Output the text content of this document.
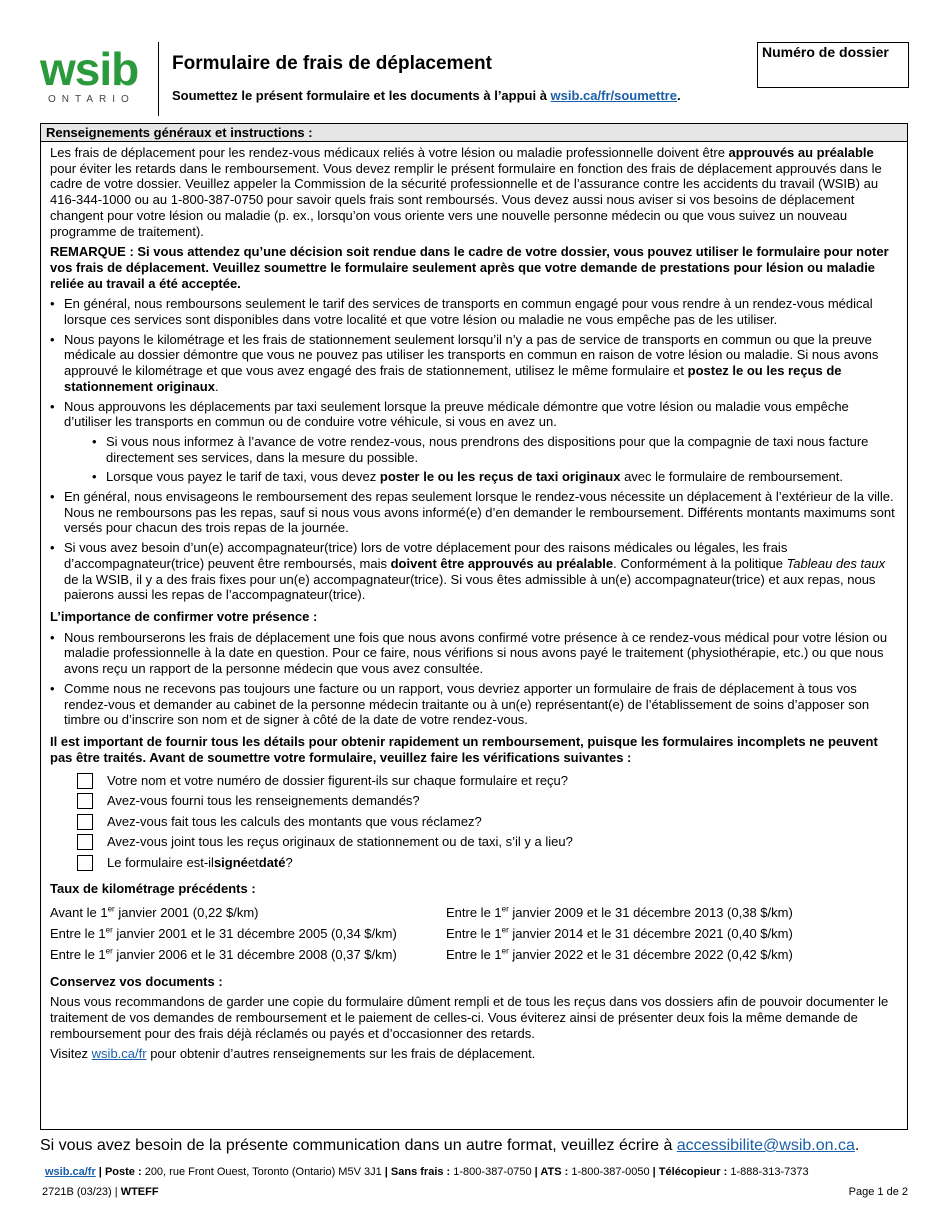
wsib
ONTARIO
Formulaire de frais de déplacement
Soumettez le présent formulaire et les documents à l’appui à wsib.ca/fr/soumettre.
Numéro de dossier
Renseignements généraux et instructions :

Les frais de déplacement pour les rendez-vous médicaux reliés à votre lésion ou maladie professionnelle doivent être approuvés au préalable pour éviter les retards dans le remboursement. Vous devez remplir le présent formulaire en fonction des frais de déplacement approuvés dans le cadre de votre dossier. Veuillez appeler la Commission de la sécurité professionnelle et de l’assurance contre les accidents du travail (WSIB) au 416-344-1000 ou au 1-800-387-0750 pour savoir quels frais sont remboursés. Vous devez aussi nous aviser si vos besoins de déplacement changent pour votre lésion ou maladie (p. ex., lorsqu’on vous oriente vers une nouvelle personne médecin ou que vous suivez un nouveau programme de traitement).

REMARQUE : Si vous attendez qu’une décision soit rendue dans le cadre de votre dossier, vous pouvez utiliser le formulaire pour noter vos frais de déplacement. Veuillez soumettre le formulaire seulement après que votre demande de prestations pour lésion ou maladie reliée au travail a été acceptée.

• En général, nous remboursons seulement le tarif des services de transports en commun engagé pour vous rendre à un rendez-vous médical lorsque ces services sont disponibles dans votre localité et que votre lésion ou maladie ne vous empêche pas de les utiliser.
• Nous payons le kilométrage et les frais de stationnement seulement lorsqu’il n’y a pas de service de transports en commun ou que la preuve médicale au dossier démontre que vous ne pouvez pas utiliser les transports en commun en raison de votre lésion ou maladie. Si nous avons approuvé le kilométrage et que vous avez engagé des frais de stationnement, utilisez le même formulaire et postez le ou les reçus de stationnement originaux.
• Nous approuvons les déplacements par taxi seulement lorsque la preuve médicale démontre que votre lésion ou maladie vous empêche d’utiliser les transports en commun ou de conduire votre véhicule, si vous en avez un.
• Si vous nous informez à l’avance de votre rendez-vous, nous prendrons des dispositions pour que la compagnie de taxi nous facture directement ses services, dans la mesure du possible.
• Lorsque vous payez le tarif de taxi, vous devez poster le ou les reçus de taxi originaux avec le formulaire de remboursement.
• En général, nous envisageons le remboursement des repas seulement lorsque le rendez-vous nécessite un déplacement à l’extérieur de la ville. Nous ne remboursons pas les repas, sauf si nous vous avons informé(e) d’en demander le remboursement. Différents montants maximums sont versés pour chacun des trois repas de la journée.
• Si vous avez besoin d’un(e) accompagnateur(trice) lors de votre déplacement pour des raisons médicales ou légales, les frais d’accompagnateur(trice) peuvent être remboursés, mais doivent être approuvés au préalable. Conformément à la politique Tableau des taux de la WSIB, il y a des frais fixes pour un(e) accompagnateur(trice). Si vous êtes admissible à un(e) accompagnateur(trice) et aux repas, nous paierons aussi les repas de l’accompagnateur(trice).
L’importance de confirmer votre présence :
• Nous rembourserons les frais de déplacement une fois que nous avons confirmé votre présence à ce rendez-vous médical pour votre lésion ou maladie professionnelle à la date en question. Pour ce faire, nous vérifions si nous avons payé le traitement (physiothérapie, etc.) ou que nous avons reçu un rapport de la personne médecin que vous avez consultée.
• Comme nous ne recevons pas toujours une facture ou un rapport, vous devriez apporter un formulaire de frais de déplacement à tous vos rendez-vous et demander au cabinet de la personne médecin traitante ou à un(e) représentant(e) de l’établissement de soins d’apposer son timbre ou d’inscrire son nom et de signer à côté de la date de votre rendez-vous.

Il est important de fournir tous les détails pour obtenir rapidement un remboursement, puisque les formulaires incomplets ne peuvent pas être traités. Avant de soumettre votre formulaire, veuillez faire les vérifications suivantes :

Votre nom et votre numéro de dossier figurent-ils sur chaque formulaire et reçu?
Avez-vous fourni tous les renseignements demandés?
Avez-vous fait tous les calculs des montants que vous réclamez?
Avez-vous joint tous les reçus originaux de stationnement ou de taxi, s’il y a lieu?
Le formulaire est-il signé et daté ?
Taux de kilométrage précédents :
Avant le 1er janvier 2001 (0,22 $/km)
Entre le 1er janvier 2001 et le 31 décembre 2005 (0,34 $/km)
Entre le 1er janvier 2006 et le 31 décembre 2008 (0,37 $/km)
Entre le 1er janvier 2009 et le 31 décembre 2013 (0,38 $/km)
Entre le 1er janvier 2014 et le 31 décembre 2021 (0,40 $/km)
Entre le 1er janvier 2022 et le 31 décembre 2022 (0,42 $/km)
Conservez vos documents :

Nous vous recommandons de garder une copie du formulaire dûment rempli et de tous les reçus dans vos dossiers afin de pouvoir documenter le traitement de vos demandes de remboursement et le paiement de celles-ci. Vous éviterez ainsi de présenter deux fois la même demande de remboursement pour des frais déjà réclamés ou payés et d’occasionner des retards.

Visitez wsib.ca/fr pour obtenir d’autres renseignements sur les frais de déplacement.

Si vous avez besoin de la présente communication dans un autre format, veuillez écrire à accessibilite@wsib.on.ca.
wsib.ca/fr | Poste : 200, rue Front Ouest, Toronto (Ontario) M5V 3J1 | Sans frais : 1-800-387-0750 | ATS : 1-800-387-0050 | Télécopieur : 1-888-313-7373
2721B (03/23) | WTEFF	Page 1 de 2
